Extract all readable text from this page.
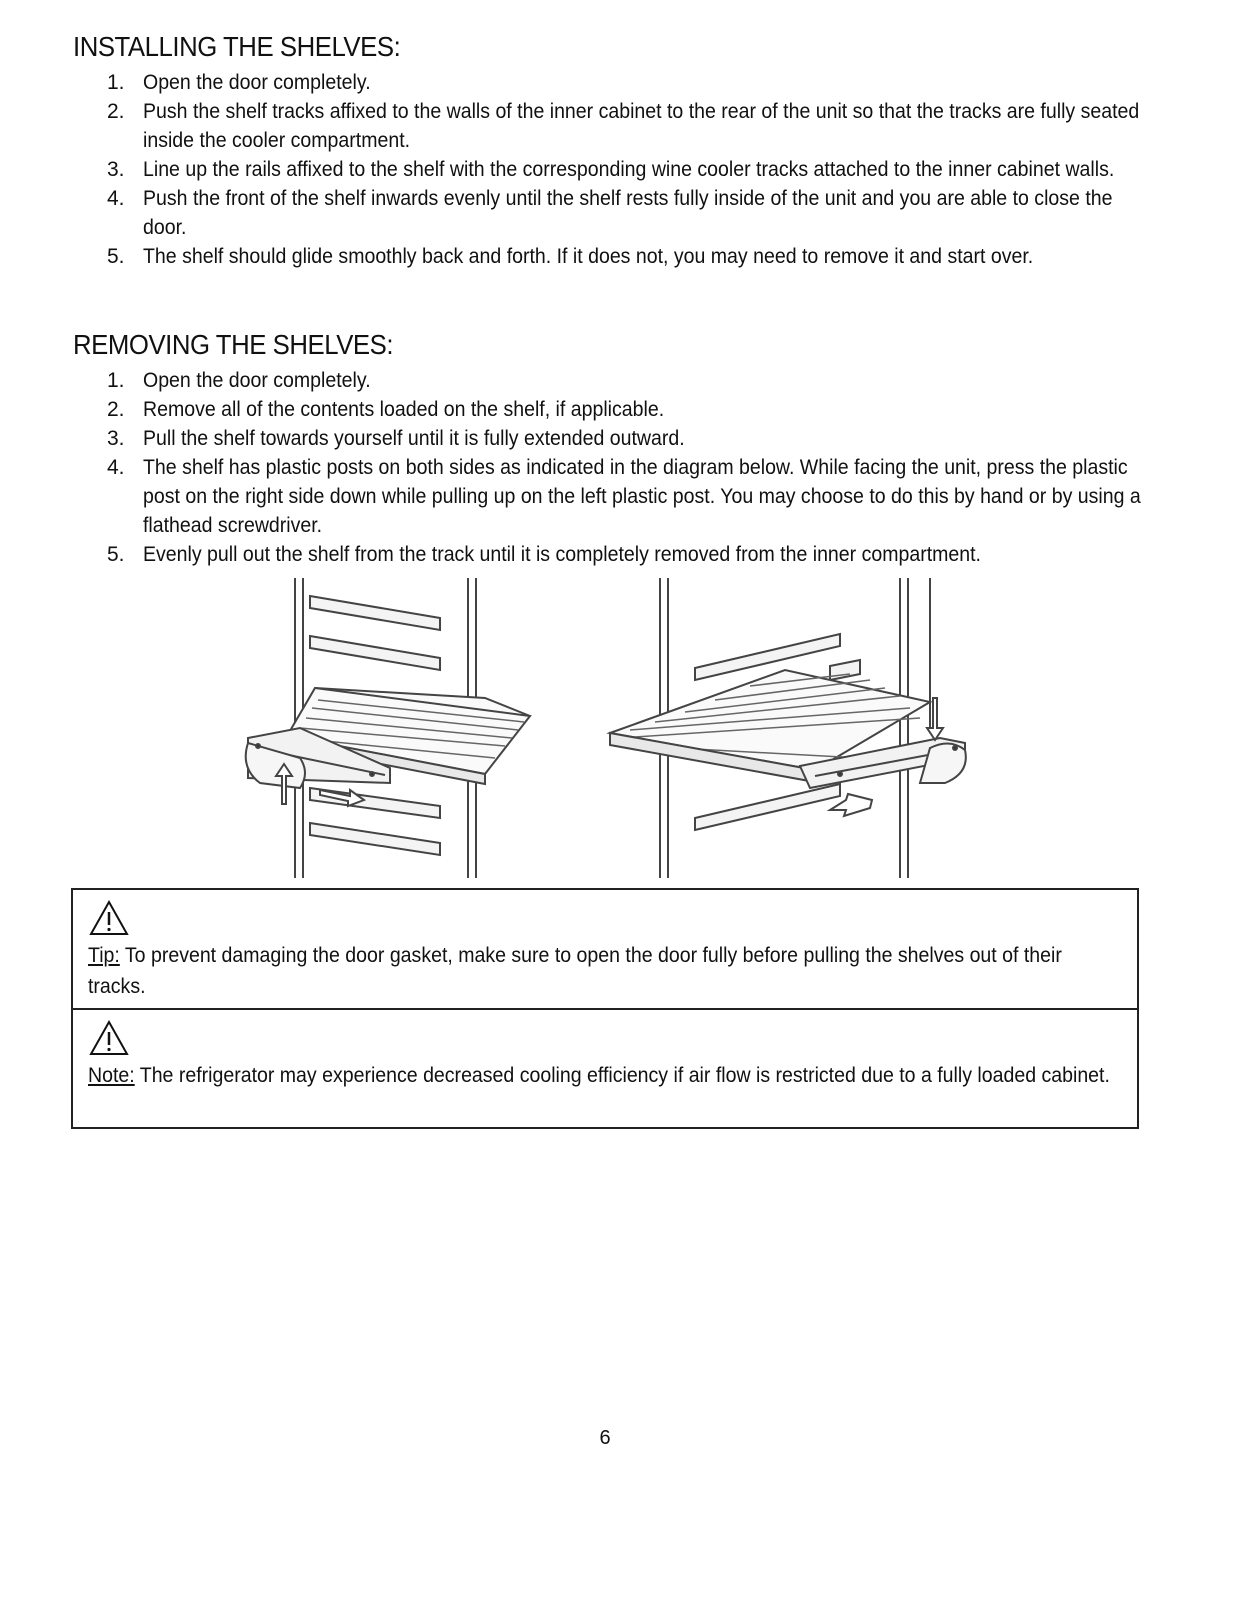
INSTALLING THE SHELVES:
1. Open the door completely.
2. Push the shelf tracks affixed to the walls of the inner cabinet to the rear of the unit so that the tracks are fully seated inside the cooler compartment.
3. Line up the rails affixed to the shelf with the corresponding wine cooler tracks attached to the inner cabinet walls.
4. Push the front of the shelf inwards evenly until the shelf rests fully inside of the unit and you are able to close the door.
5. The shelf should glide smoothly back and forth. If it does not, you may need to remove it and start over.
REMOVING THE SHELVES:
1. Open the door completely.
2. Remove all of the contents loaded on the shelf, if applicable.
3. Pull the shelf towards yourself until it is fully extended outward.
4. The shelf has plastic posts on both sides as indicated in the diagram below. While facing the unit, press the plastic post on the right side down while pulling up on the left plastic post. You may choose to do this by hand or by using a flathead screwdriver.
5. Evenly pull out the shelf from the track until it is completely removed from the inner compartment.
Tip: To prevent damaging the door gasket, make sure to open the door fully before pulling the shelves out of their tracks.
Note: The refrigerator may experience decreased cooling efficiency if air flow is restricted due to a fully loaded cabinet.
6
